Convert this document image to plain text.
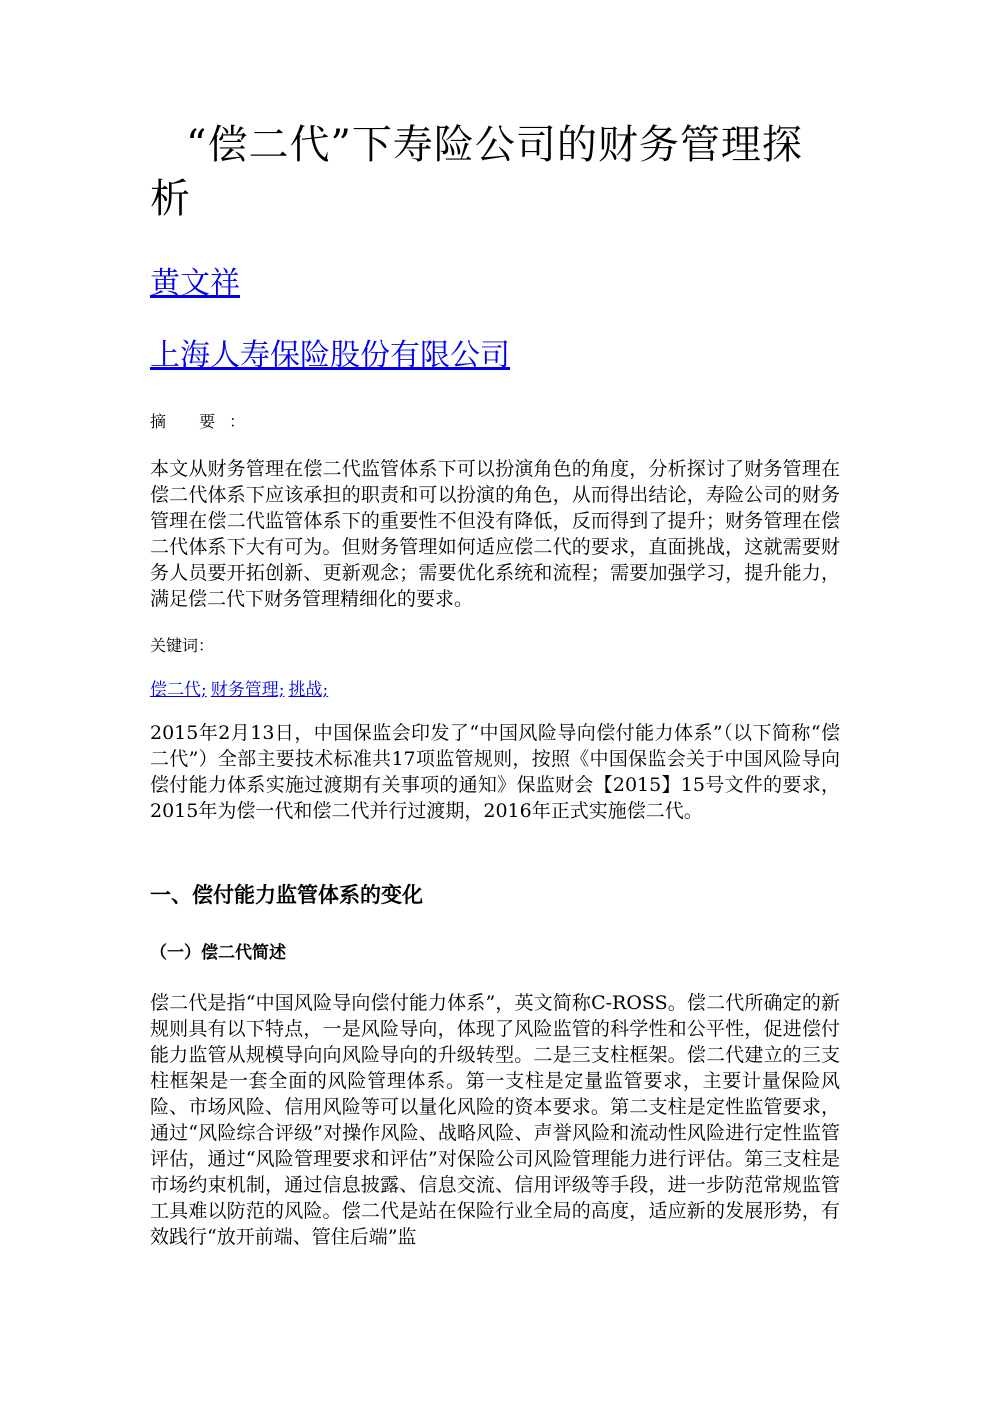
“偿二代”下寿险公司的财务管理探
析
黄文祥
上海人寿保险股份有限公司
摘 要：

本文从财务管理在偿二代监管体系下可以扮演角色的角度，分析探讨了财务管理在偿二代体系下应该承担的职责和可以扮演的角色，从而得出结论，寿险公司的财务管理在偿二代监管体系下的重要性不但没有降低，反而得到了提升；财务管理在偿二代体系下大有可为。但财务管理如何适应偿二代的要求，直面挑战，这就需要财务人员要开拓创新、更新观念；需要优化系统和流程；需要加强学习，提升能力，满足偿二代下财务管理精细化的要求。

关键词：
偿二代; 财务管理; 挑战;

2015年2月13日，中国保监会印发了“中国风险导向偿付能力体系”（以下简称“偿二代”）全部主要技术标准共17项监管规则，按照《中国保监会关于中国风险导向偿付能力体系实施过渡期有关事项的通知》保监财会【2015】15号文件的要求，2015年为偿一代和偿二代并行过渡期，2016年正式实施偿二代。

一、偿付能力监管体系的变化
（一）偿二代简述

偿二代是指“中国风险导向偿付能力体系”，英文简称C-ROSS。偿二代所确定的新规则具有以下特点，一是风险导向，体现了风险监管的科学性和公平性，促进偿付能力监管从规模导向向风险导向的升级转型。二是三支柱框架。偿二代建立的三支柱框架是一套全面的风险管理体系。第一支柱是定量监管要求，主要计量保险风险、市场风险、信用风险等可以量化风险的资本要求。第二支柱是定性监管要求，通过“风险综合评级”对操作风险、战略风险、声誉风险和流动性风险进行定性监管评估，通过“风险管理要求和评估”对保险公司风险管理能力进行评估。第三支柱是市场约束机制，通过信息披露、信息交流、信用评级等手段，进一步防范常规监管工具难以防范的风险。偿二代是站在保险行业全局的高度，适应新的发展形势，有效践行“放开前端、管住后端”监
